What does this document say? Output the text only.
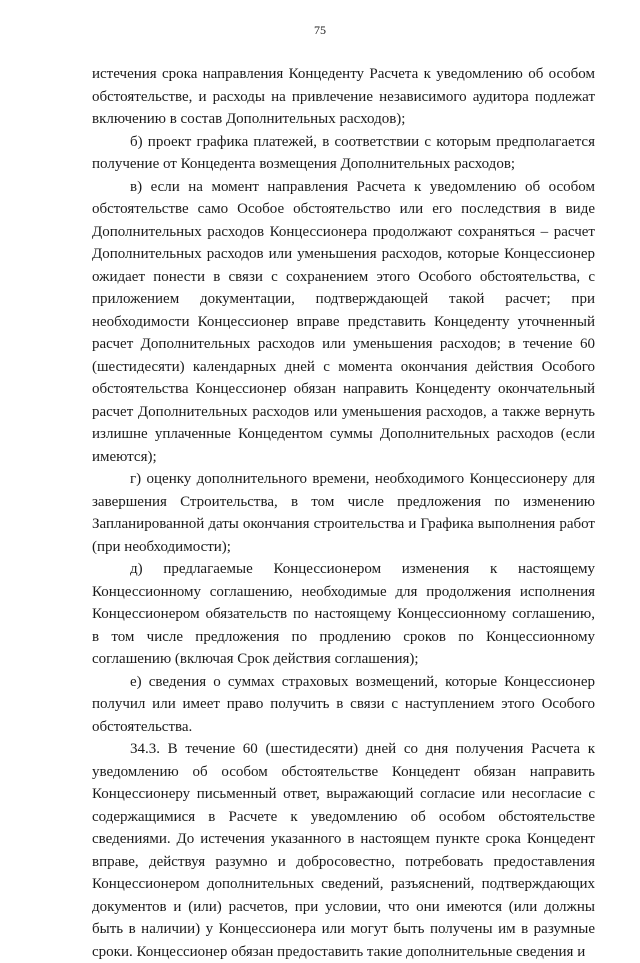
75

истечения срока направления Концеденту Расчета к уведомлению об особом обстоятельстве, и расходы на привлечение независимого аудитора подлежат включению в состав Дополнительных расходов);

б) проект графика платежей, в соответствии с которым предполагается получение от Концедента возмещения Дополнительных расходов;

в) если на момент направления Расчета к уведомлению об особом обстоятельстве само Особое обстоятельство или его последствия в виде Дополнительных расходов Концессионера продолжают сохраняться – расчет Дополнительных расходов или уменьшения расходов, которые Концессионер ожидает понести в связи с сохранением этого Особого обстоятельства, с приложением документации, подтверждающей такой расчет; при необходимости Концессионер вправе представить Концеденту уточненный расчет Дополнительных расходов или уменьшения расходов; в течение 60 (шестидесяти) календарных дней с момента окончания действия Особого обстоятельства Концессионер обязан направить Концеденту окончательный расчет Дополнительных расходов или уменьшения расходов, а также вернуть излишне уплаченные Концедентом суммы Дополнительных расходов (если имеются);

г) оценку дополнительного времени, необходимого Концессионеру для завершения Строительства, в том числе предложения по изменению Запланированной даты окончания строительства и Графика выполнения работ (при необходимости);

д) предлагаемые Концессионером изменения к настоящему Концессионному соглашению, необходимые для продолжения исполнения Концессионером обязательств по настоящему Концессионному соглашению, в том числе предложения по продлению сроков по Концессионному соглашению (включая Срок действия соглашения);

е) сведения о суммах страховых возмещений, которые Концессионер получил или имеет право получить в связи с наступлением этого Особого обстоятельства.

34.3. В течение 60 (шестидесяти) дней со дня получения Расчета к уведомлению об особом обстоятельстве Концедент обязан направить Концессионеру письменный ответ, выражающий согласие или несогласие с содержащимися в Расчете к уведомлению об особом обстоятельстве сведениями. До истечения указанного в настоящем пункте срока Концедент вправе, действуя разумно и добросовестно, потребовать предоставления Концессионером дополнительных сведений, разъяснений, подтверждающих документов и (или) расчетов, при условии, что они имеются (или должны быть в наличии) у Концессионера или могут быть получены им в разумные сроки. Концессионер обязан предоставить такие дополнительные сведения и
